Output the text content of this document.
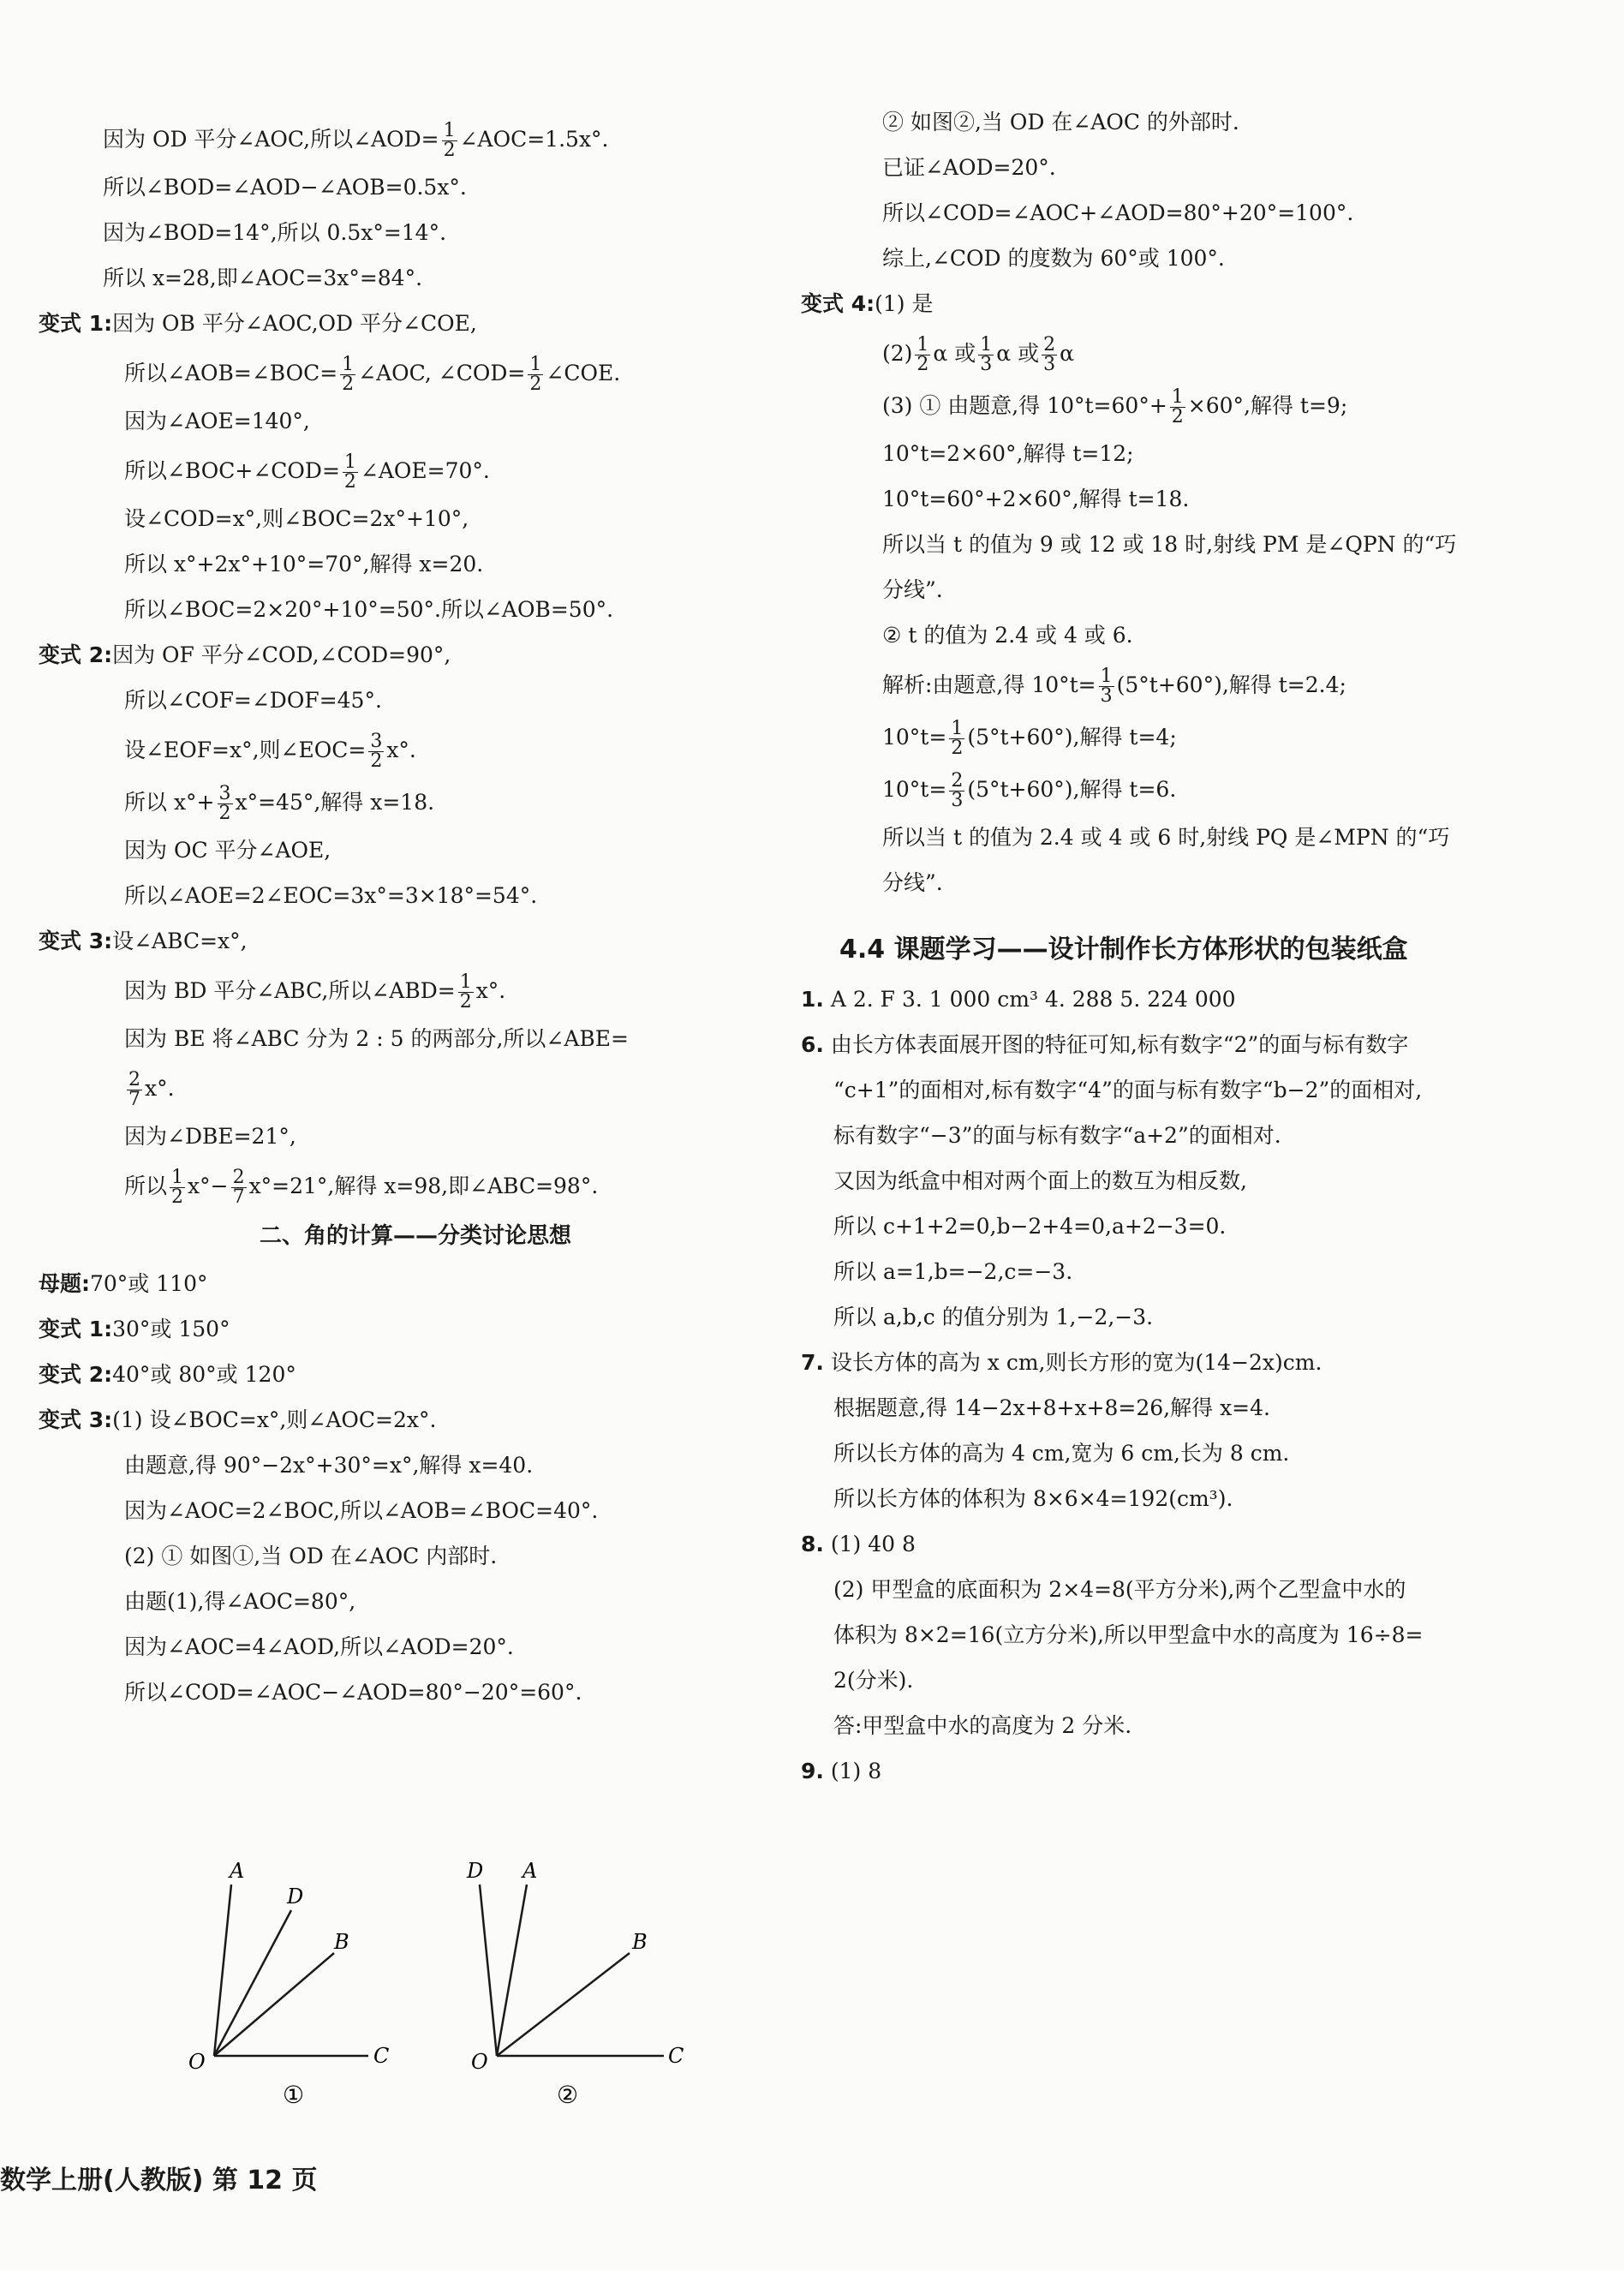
因为 OD 平分∠AOC,所以∠AOD= $\frac{1}{2}$ ∠AOC=1.5x°.
所以∠BOD=∠AOD−∠AOB=0.5x°.
因为∠BOD=14°,所以 0.5x°=14°.
所以 x=28,即∠AOC=3x°=84°.
变式 1:因为 OB 平分∠AOC,OD 平分∠COE,
所以∠AOB=∠BOC= $\frac{1}{2}$ ∠AOC, ∠COD= $\frac{1}{2}$ ∠COE.
因为∠AOE=140°,
所以∠BOC+∠COD= $\frac{1}{2}$ ∠AOE=70°.
设∠COD=x°,则∠BOC=2x°+10°,
所以 x°+2x°+10°=70°,解得 x=20.
所以∠BOC=2×20°+10°=50°.所以∠AOB=50°.
变式 2:因为 OF 平分∠COD,∠COD=90°,
所以∠COF=∠DOF=45°.
设∠EOF=x°,则∠EOC= $\frac{3}{2} x^\circ$.
所以 $x^\circ+ \frac{3}{2} x^\circ=45^\circ$,解得 x=18.
因为 OC 平分∠AOE,
所以∠AOE=2∠EOC=3x°=3×18°=54°.
变式 3:设∠ABC=x°,
因为 BD 平分∠ABC,所以∠ABD= $\frac{1}{2} x^\circ$.
因为 BE 将∠ABC 分为 2 : 5 的两部分,所以∠ABE=
$\frac{2}{7} x^\circ$.
因为∠DBE=21°,
所以 $\frac{1}{2} x^\circ- \frac{2}{7} x^\circ=21^\circ$,解得 x=98,即∠ABC=98°.
二、角的计算——分类讨论思想
母题:70°或 110°
变式 1:30°或 150°
变式 2:40°或 80°或 120°
变式 3:(1) 设∠BOC=x°,则∠AOC=2x°.
由题意,得 90°−2x°+30°=x°,解得 x=40.
因为∠AOC=2∠BOC,所以∠AOB=∠BOC=40°.
(2) ① 如图①,当 OD 在∠AOC 内部时.
由题(1),得∠AOC=80°,
因为∠AOC=4∠AOD,所以∠AOD=20°.
所以∠COD=∠AOC−∠AOD=80°−20°=60°.
A
D
B
O	C
①
D A
B
O	C
②
数学上册(人教版) 第 12 页
② 如图②,当 OD 在∠AOC 的外部时.
已证∠AOD=20°.
所以∠COD=∠AOC+∠AOD=80°+20°=100°.
综上,∠COD 的度数为 60°或 100°.
变式 4:(1) 是
$(2) \frac{1}{2}$ α 或 $\frac{1}{3}$ α 或 $\frac{2}{3}$ α
(3) ① 由题意,得 $10^\circ t=60^\circ+ \frac{1}{2} \times 60^\circ$,解得 t=9;
10°t=2×60°,解得 t=12;
10°t=60°+2×60°,解得 t=18.
所以当 t 的值为 9 或 12 或 18 时,射线 PM 是∠QPN 的“巧
分线”.
② t 的值为 2.4 或 4 或 6.
解析:由题意,得 $10^\circ t= \frac{1}{3} (5^\circ t+60^\circ)$,解得 t=2.4;
$10^\circ t= \frac{1}{2} (5^\circ t+60^\circ)$,解得 t=4;
$10^\circ t= \frac{2}{3} (5^\circ t+60^\circ)$,解得 t=6.
所以当 t 的值为 2.4 或 4 或 6 时,射线 PQ 是∠MPN 的“巧
分线”.
4.4 课题学习——设计制作长方体形状的包装纸盒
1. A 2. F 3. 1 000 cm³ 4. 288 5. 224 000
6. 由长方体表面展开图的特征可知,标有数字“2”的面与标有数字
“c+1”的面相对,标有数字“4”的面与标有数字“b−2”的面相对,
标有数字“−3”的面与标有数字“a+2”的面相对.
又因为纸盒中相对两个面上的数互为相反数,
所以 c+1+2=0,b−2+4=0,a+2−3=0.
所以 a=1,b=−2,c=−3.
所以 a,b,c 的值分别为 1,−2,−3.
7. 设长方体的高为 x cm,则长方形的宽为(14−2x)cm.
根据题意,得 14−2x+8+x+8=26,解得 x=4.
所以长方体的高为 4 cm,宽为 6 cm,长为 8 cm.
所以长方体的体积为 8×6×4=192(cm³).
8. (1) 40 8
(2) 甲型盒的底面积为 2×4=8(平方分米),两个乙型盒中水的
体积为 8×2=16(立方分米),所以甲型盒中水的高度为 16÷8=
2(分米).
答:甲型盒中水的高度为 2 分米.
9. (1) 8
